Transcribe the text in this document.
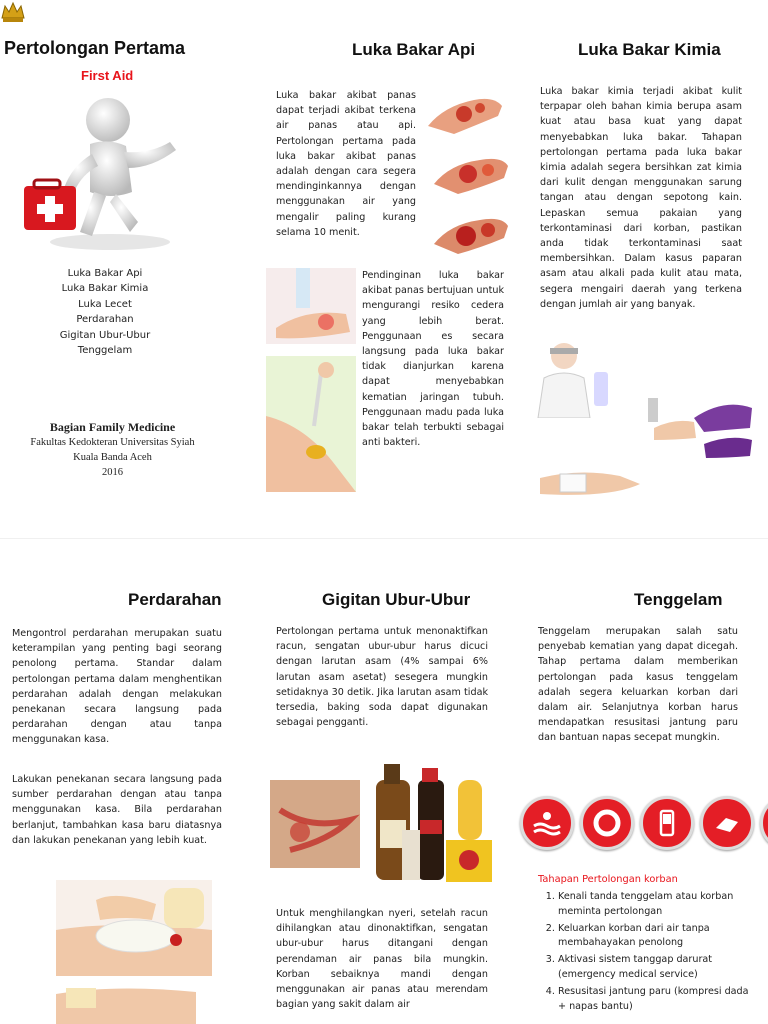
Pertolongan Pertama
First Aid
Luka Bakar Api
Luka Bakar Kimia
Luka Lecet
Perdarahan
Gigitan Ubur-Ubur
Tenggelam
Bagian Family Medicine
Fakultas Kedokteran Universitas Syiah
Kuala Banda Aceh
2016
Luka Bakar Api
Luka bakar akibat panas dapat terjadi akibat terkena air panas atau api. Pertolongan pertama pada luka bakar akibat panas adalah dengan cara segera mendinginkannya dengan menggunakan air yang mengalir paling kurang selama 10 menit.
Pendinginan luka bakar akibat panas bertujuan untuk mengurangi resiko cedera yang lebih berat. Penggunaan es secara langsung pada luka bakar tidak dianjurkan karena dapat menyebabkan kematian jaringan tubuh. Penggunaan madu pada luka bakar telah terbukti sebagai anti bakteri.
Luka Bakar Kimia
Luka bakar kimia terjadi akibat kulit terpapar oleh bahan kimia berupa asam kuat atau basa kuat yang dapat menyebabkan luka bakar. Tahapan pertolongan pertama pada luka bakar kimia adalah segera bersihkan zat kimia dari kulit dengan menggunakan sarung tangan atau dengan sepotong kain. Lepaskan semua pakaian yang terkontaminasi dari korban, pastikan anda tidak terkontaminasi saat membersihkan. Dalam kasus paparan asam atau alkali pada kulit atau mata, segera mengairi daerah yang terkena dengan jumlah air yang banyak.
Perdarahan
Mengontrol perdarahan merupakan suatu keterampilan yang penting bagi seorang penolong pertama. Standar dalam pertolongan pertama dalam menghentikan perdarahan adalah dengan melakukan penekanan secara langsung pada perdarahan dengan atau tanpa menggunakan kasa.
Lakukan penekanan secara langsung pada sumber perdarahan dengan atau tanpa menggunakan kasa. Bila perdarahan berlanjut, tambahkan kasa baru diatasnya dan lakukan penekanan yang lebih kuat.
Gigitan Ubur-Ubur
Pertolongan pertama untuk menonaktifkan racun, sengatan ubur-ubur harus dicuci dengan larutan asam (4% sampai 6% larutan asam asetat) sesegera mungkin setidaknya 30 detik. Jika larutan asam tidak tersedia, baking soda dapat digunakan sebagai pengganti.
Untuk menghilangkan nyeri, setelah racun dihilangkan atau dinonaktifkan, sengatan ubur-ubur harus ditangani dengan perendaman air panas bila mungkin. Korban sebaiknya mandi dengan menggunakan air panas atau merendam bagian yang sakit dalam air
Tenggelam
Tenggelam merupakan salah satu penyebab kematian yang dapat dicegah. Tahap pertama dalam memberikan pertolongan pada kasus tenggelam adalah segera keluarkan korban dari dalam air. Selanjutnya korban harus mendapatkan resusitasi jantung paru dan bantuan napas secepat mungkin.
Tahapan Pertolongan korban
1. Kenali tanda tenggelam atau korban meminta pertolongan
2. Keluarkan korban dari air tanpa membahayakan penolong
3. Aktivasi sistem tanggap darurat (emergency medical service)
4. Resusitasi jantung paru (kompresi dada + napas bantu)
